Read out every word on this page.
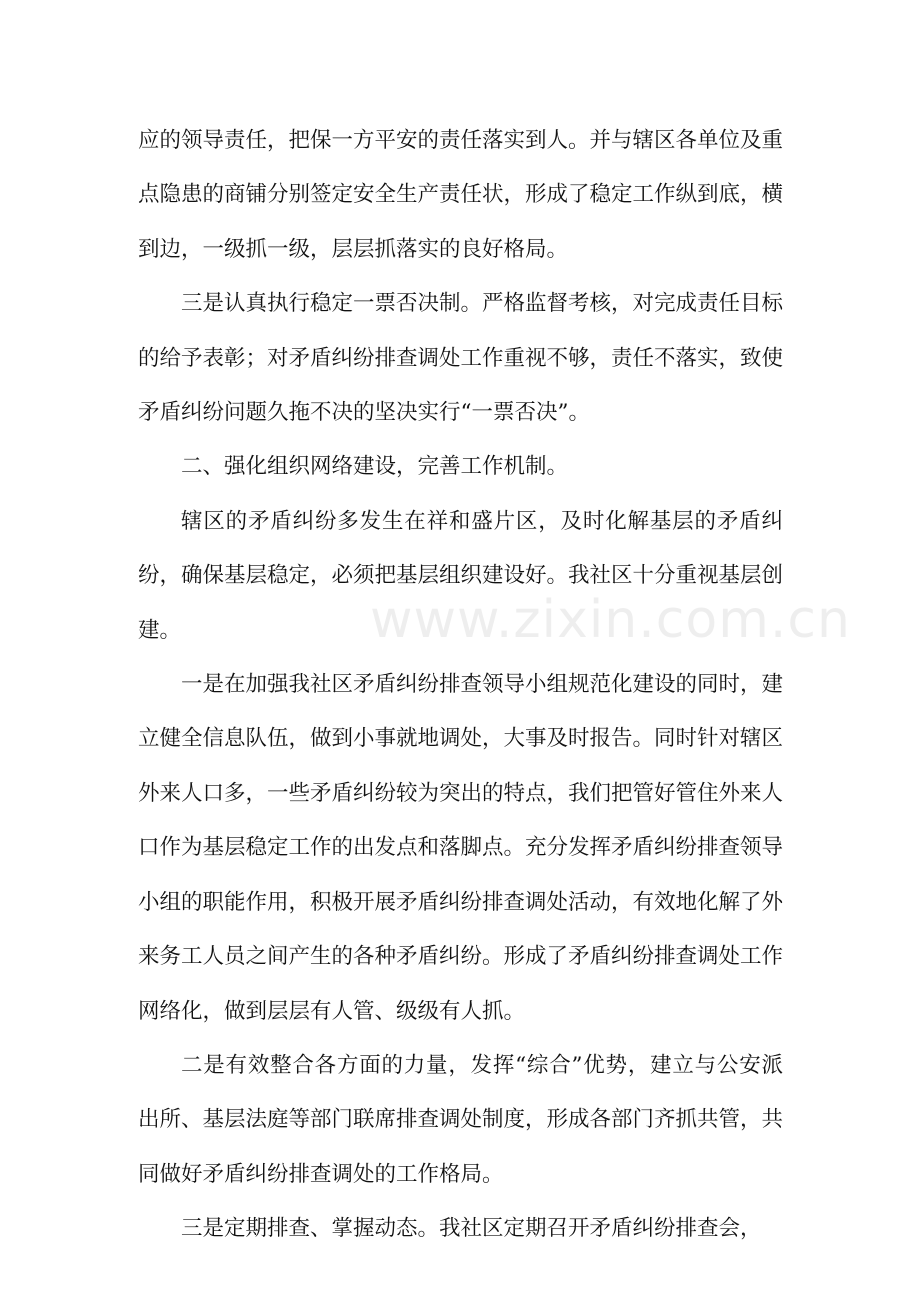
应的领导责任，把保一方平安的责任落实到人。并与辖区各单位及重点隐患的商铺分别签定安全生产责任状，形成了稳定工作纵到底，横到边，一级抓一级，层层抓落实的良好格局。

三是认真执行稳定一票否决制。严格监督考核，对完成责任目标的给予表彰；对矛盾纠纷排查调处工作重视不够，责任不落实，致使矛盾纠纷问题久拖不决的坚决实行“一票否决”。

二、强化组织网络建设，完善工作机制。

辖区的矛盾纠纷多发生在祥和盛片区，及时化解基层的矛盾纠纷，确保基层稳定，必须把基层组织建设好。我社区十分重视基层创建。

一是在加强我社区矛盾纠纷排查领导小组规范化建设的同时，建立健全信息队伍，做到小事就地调处，大事及时报告。同时针对辖区外来人口多，一些矛盾纠纷较为突出的特点，我们把管好管住外来人口作为基层稳定工作的出发点和落脚点。充分发挥矛盾纠纷排查领导小组的职能作用，积极开展矛盾纠纷排查调处活动，有效地化解了外来务工人员之间产生的各种矛盾纠纷。形成了矛盾纠纷排查调处工作网络化，做到层层有人管、级级有人抓。

二是有效整合各方面的力量，发挥“综合”优势，建立与公安派出所、基层法庭等部门联席排查调处制度，形成各部门齐抓共管，共同做好矛盾纠纷排查调处的工作格局。

三是定期排查、掌握动态。我社区定期召开矛盾纠纷排查会，

www.zixin.com.cn
